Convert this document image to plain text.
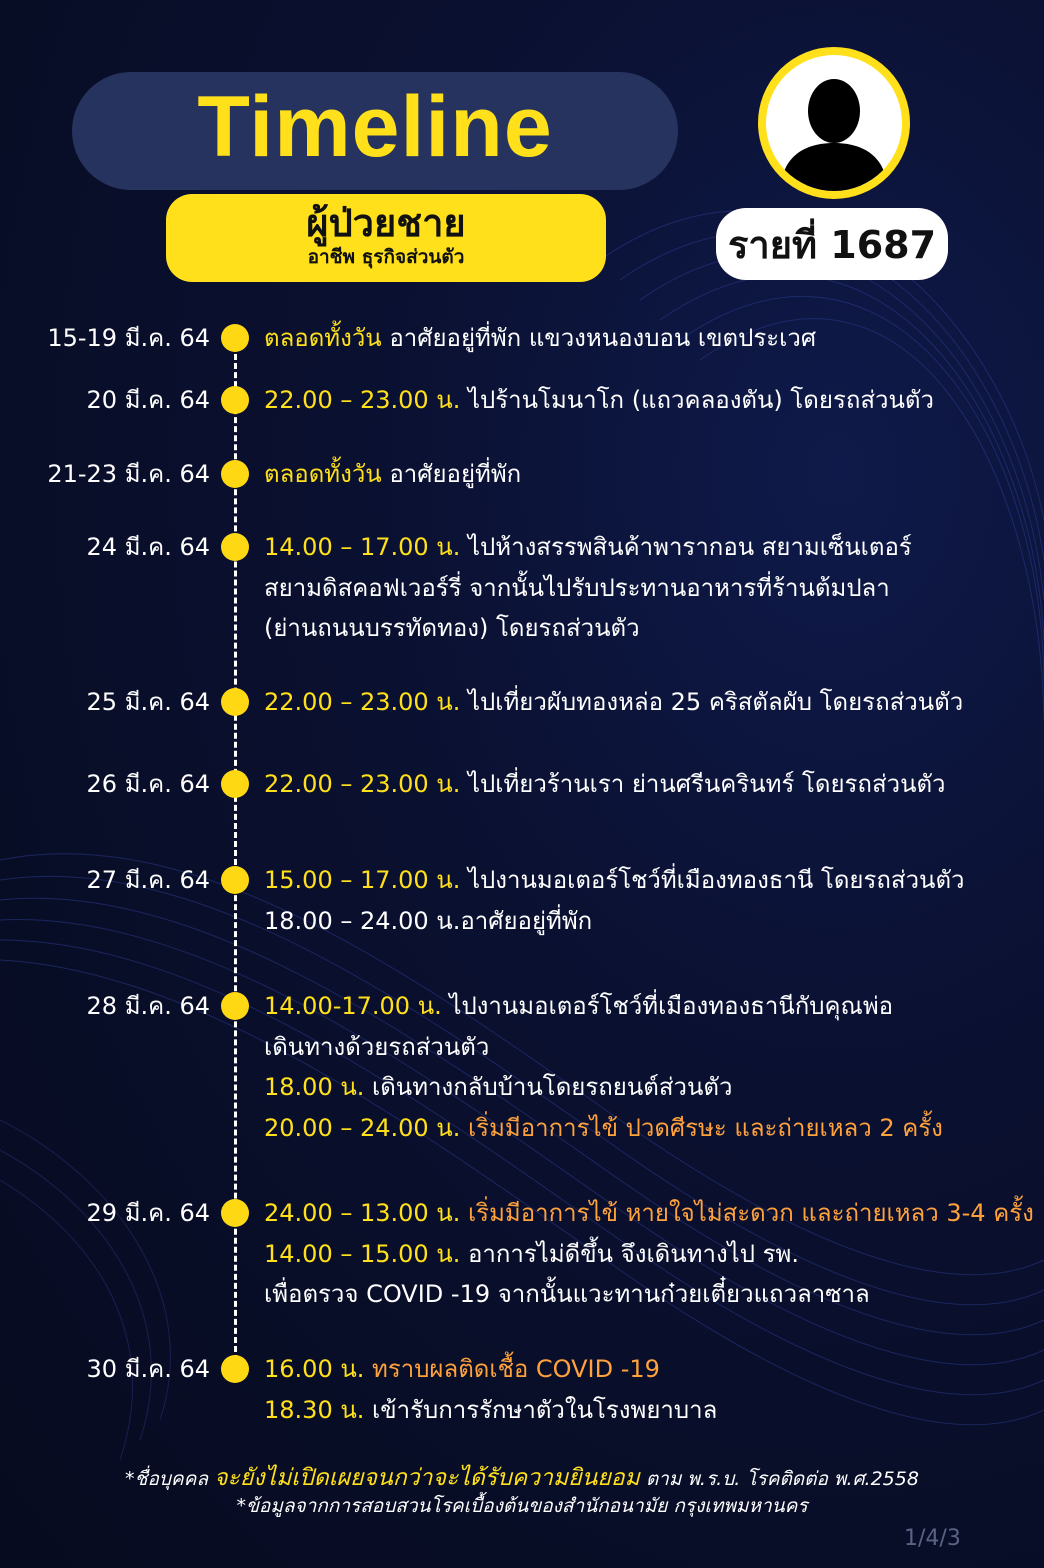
Timeline
ผู้ป่วยชาย
อาชีพ ธุรกิจส่วนตัว	รายที่ 1687
15-19 มี.ค. 64 ตลอดทั้งวัน อาศัยอยู่ที่พัก แขวงหนองบอน เขตประเวศ
20 มี.ค. 64 22.00 – 23.00 น. ไปร้านโมนาโก (แถวคลองตัน) โดยรถส่วนตัว
21-23 มี.ค. 64 ตลอดทั้งวัน อาศัยอยู่ที่พัก
24 มี.ค. 64 14.00 – 17.00 น. ไปห้างสรรพสินค้าพารากอน สยามเซ็นเตอร์
สยามดิสคอฟเวอร์รี่ จากนั้นไปรับประทานอาหารที่ร้านต้มปลา
(ย่านถนนบรรทัดทอง) โดยรถส่วนตัว
25 มี.ค. 64 22.00 – 23.00 น. ไปเที่ยวผับทองหล่อ 25 คริสตัลผับ โดยรถส่วนตัว
26 มี.ค. 64 22.00 – 23.00 น. ไปเที่ยวร้านเรา ย่านศรีนครินทร์ โดยรถส่วนตัว
27 มี.ค. 64 15.00 – 17.00 น. ไปงานมอเตอร์โชว์ที่เมืองทองธานี โดยรถส่วนตัว
18.00 – 24.00 น.อาศัยอยู่ที่พัก
28 มี.ค. 64 14.00-17.00 น. ไปงานมอเตอร์โชว์ที่เมืองทองธานีกับคุณพ่อ
เดินทางด้วยรถส่วนตัว
18.00 น. เดินทางกลับบ้านโดยรถยนต์ส่วนตัว
20.00 – 24.00 น. เริ่มมีอาการไข้ ปวดศีรษะ และถ่ายเหลว 2 ครั้ง
29 มี.ค. 64 24.00 – 13.00 น. เริ่มมีอาการไข้ หายใจไม่สะดวก และถ่ายเหลว 3-4 ครั้ง
14.00 – 15.00 น. อาการไม่ดีขึ้น จึงเดินทางไป รพ.
เพื่อตรวจ COVID -19 จากนั้นแวะทานก๋วยเตี๋ยวแถวลาซาล
30 มี.ค. 64 16.00 น. ทราบผลติดเชื้อ COVID -19
18.30 น. เข้ารับการรักษาตัวในโรงพยาบาล
*ชื่อบุคคล จะยังไม่เปิดเผยจนกว่าจะได้รับความยินยอม ตาม พ.ร.บ. โรคติดต่อ พ.ศ.2558
*ข้อมูลจากการสอบสวนโรคเบื้องต้นของสำนักอนามัย กรุงเทพมหานคร
1/4/3
